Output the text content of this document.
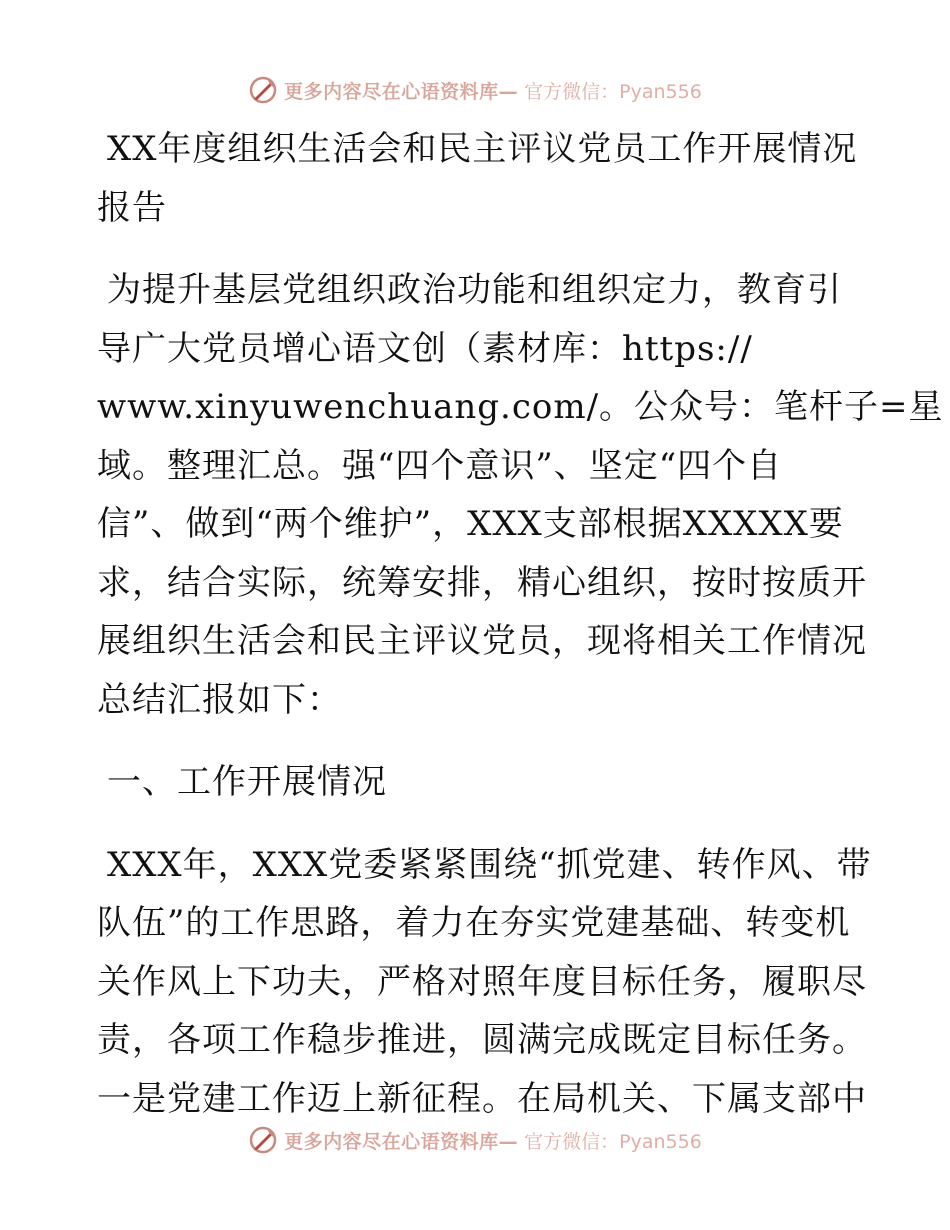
更多内容尽在心语资料库— 官方微信：Pyan556
XX年度组织生活会和民主评议党员工作开展情况
报告
为提升基层党组织政治功能和组织定力，教育引
导广大党员增心语文创（素材库：https://
www.xinyuwenchuang.com/。公众号：笔杆子=星
域。整理汇总。强“四个意识”、坚定“四个自
信”、做到“两个维护”，XXX支部根据XXXXX要
求，结合实际，统筹安排，精心组织，按时按质开
展组织生活会和民主评议党员，现将相关工作情况
总结汇报如下：
一、工作开展情况
XXX年，XXX党委紧紧围绕“抓党建、转作风、带
队伍”的工作思路，着力在夯实党建基础、转变机
关作风上下功夫，严格对照年度目标任务，履职尽
责，各项工作稳步推进，圆满完成既定目标任务。
一是党建工作迈上新征程。在局机关、下属支部中
更多内容尽在心语资料库— 官方微信：Pyan556
